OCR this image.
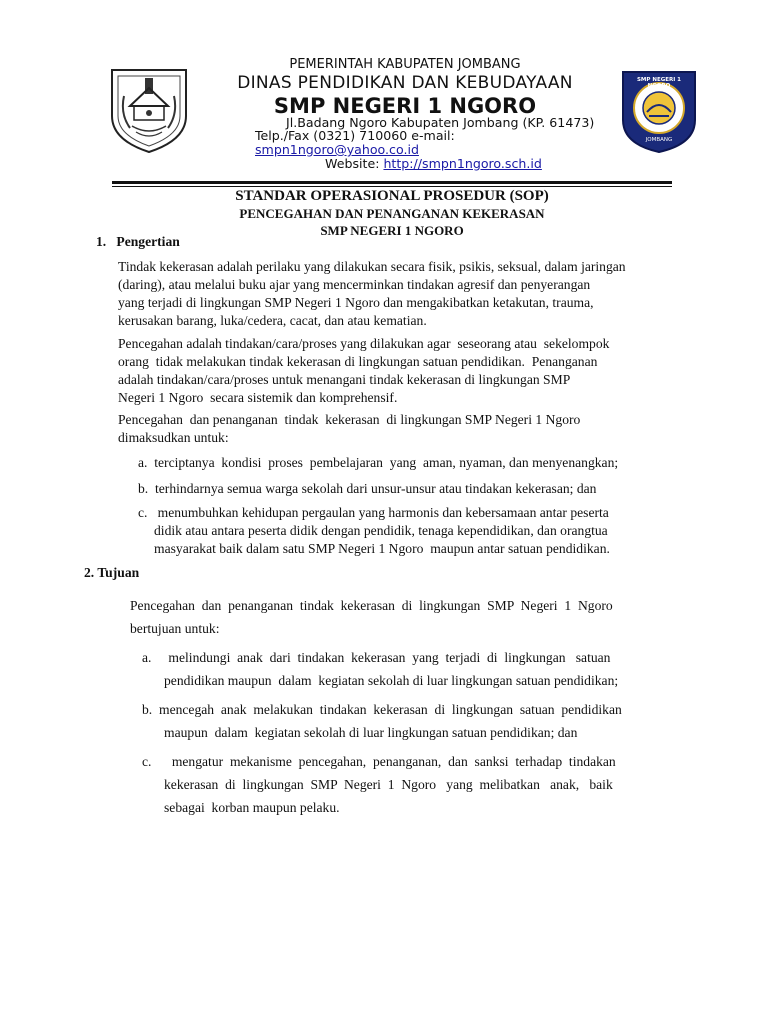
SMP NEGERI 1 NGORO
JOMBANG
PEMERINTAH KABUPATEN JOMBANG
DINAS PENDIDIKAN DAN KEBUDAYAAN
SMP NEGERI 1 NGORO
Jl.Badang Ngoro Kabupaten Jombang (KP. 61473)
Telp./Fax (0321) 710060 e-mail:
smpn1ngoro@yahoo.co.id
Website: http://smpn1ngoro.sch.id
STANDAR OPERASIONAL PROSEDUR (SOP)
PENCEGAHAN DAN PENANGANAN KEKERASAN
SMP NEGERI 1 NGORO
1.   Pengertian
Tindak kekerasan adalah perilaku yang dilakukan secara fisik, psikis, seksual, dalam jaringan
(daring), atau melalui buku ajar yang mencerminkan tindakan agresif dan penyerangan
yang terjadi di lingkungan SMP Negeri 1 Ngoro dan mengakibatkan ketakutan, trauma,
kerusakan barang, luka/cedera, cacat, dan atau kematian.
Pencegahan adalah tindakan/cara/proses yang dilakukan agar  seseorang atau  sekelompok
orang  tidak melakukan tindak kekerasan di lingkungan satuan pendidikan.  Penanganan
adalah tindakan/cara/proses untuk menangani tindak kekerasan di lingkungan SMP
Negeri 1 Ngoro  secara sistemik dan komprehensif.
Pencegahan  dan penanganan  tindak  kekerasan  di lingkungan SMP Negeri 1 Ngoro
dimaksudkan untuk:
a.  terciptanya  kondisi  proses  pembelajaran  yang  aman, nyaman, dan menyenangkan;
b.  terhindarnya semua warga sekolah dari unsur-unsur atau tindakan kekerasan; dan
c.   menumbuhkan kehidupan pergaulan yang harmonis dan kebersamaan antar peserta
didik atau antara peserta didik dengan pendidik, tenaga kependidikan, dan orangtua
masyarakat baik dalam satu SMP Negeri 1 Ngoro  maupun antar satuan pendidikan.
2. Tujuan
Pencegahan  dan  penanganan  tindak  kekerasan  di  lingkungan  SMP  Negeri  1  Ngoro
bertujuan untuk:
a.     melindungi  anak  dari  tindakan  kekerasan  yang  terjadi  di  lingkungan   satuan
pendidikan maupun  dalam  kegiatan sekolah di luar lingkungan satuan pendidikan;
b.  mencegah  anak  melakukan  tindakan  kekerasan  di  lingkungan  satuan  pendidikan
maupun  dalam  kegiatan sekolah di luar lingkungan satuan pendidikan; dan
c.      mengatur  mekanisme  pencegahan,  penanganan,  dan  sanksi  terhadap  tindakan
kekerasan  di  lingkungan  SMP  Negeri  1  Ngoro   yang  melibatkan   anak,   baik
sebagai  korban maupun pelaku.
